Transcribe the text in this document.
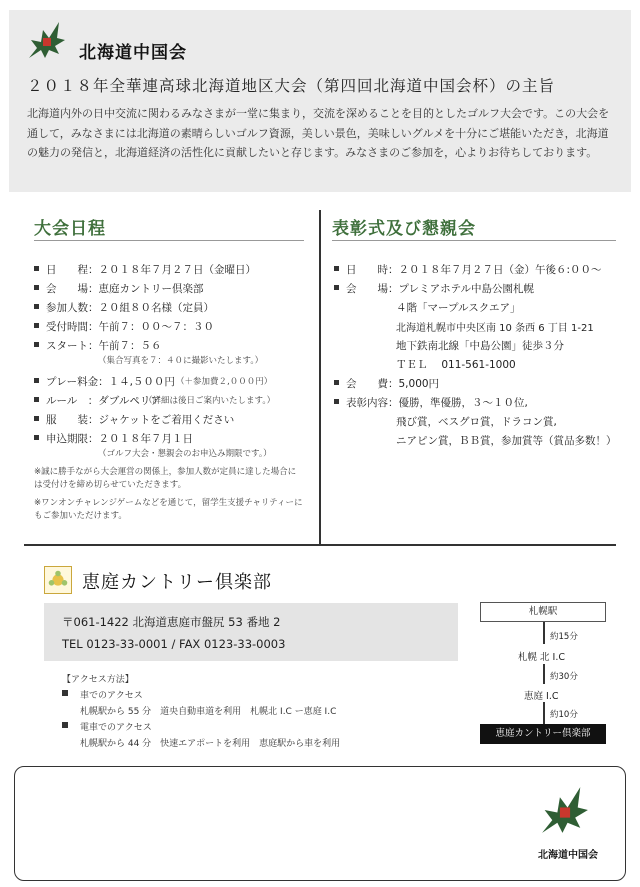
北海道中国会
２０１８年全華連高球北海道地区大会（第四回北海道中国会杯）の主旨
北海道内外の日中交流に関わるみなさまが一堂に集まり，交流を深めることを目的としたゴルフ大会です。この大会を通して，みなさまには北海道の素晴らしいゴルフ資源，美しい景色，美味しいグルメを十分にご堪能いただき，北海道の魅力の発信と，北海道経済の活性化に貢献したいと存じます。みなさまのご参加を，心よりお待ちしております。
大会日程	表彰式及び懇親会
日　　程：２０１８年７月２７日（金曜日）
会　　場：恵庭カントリー倶楽部
参加人数：２０組８０名様（定員）
受付時間：午前７：００〜７：３０
スタート：午前７：５６
（集合写真を７：４０に撮影いたします。）
プレー料金：１４,５００円 （＋参加費２,０００円）
ルール　：ダブルペリア
（詳細は後日ご案内いたします。）
服　　装：ジャケットをご着用ください
申込期限：２０１８年７月１日
（ゴルフ大会・懇親会のお申込み期限です。）
※誠に勝手ながら大会運営の関係上，参加人数が定員に達した場合には受付けを締め切らせていただきます。
※ワンオンチャレンジゲームなどを通じて，留学生支援チャリティーにもご参加いただけます。
日　　時：２０１８年７月２７日（金）午後６:００〜
会　　場：プレミアホテル中島公園札幌
４階「マープルスクエア」
北海道札幌市中央区南 10 条西 6 丁目 1-21
地下鉄南北線「中島公園」徒歩３分
ＴＥＬ　 011-561-1000
会　　費：5,000円
表彰内容：優勝，準優勝，３〜１０位,
飛び賞，ベスグロ賞，ドラコン賞,
ニアピン賞，ＢＢ賞，参加賞等（賞品多数！）
恵庭カントリー倶楽部
〒061-1422 北海道恵庭市盤尻 53 番地 2
TEL 0123-33-0001 / FAX 0123-33-0003
【アクセス方法】
車でのアクセス
札幌駅から 55 分　道央自動車道を利用　札幌北 I.C ー恵庭 I.C
電車でのアクセス
札幌駅から 44 分　快速エアポートを利用　恵庭駅から車を利用
札幌駅
約15分
札幌 北 I.C
約30分
恵庭 I.C
約10分
恵庭カントリー倶楽部
北海道中国会
